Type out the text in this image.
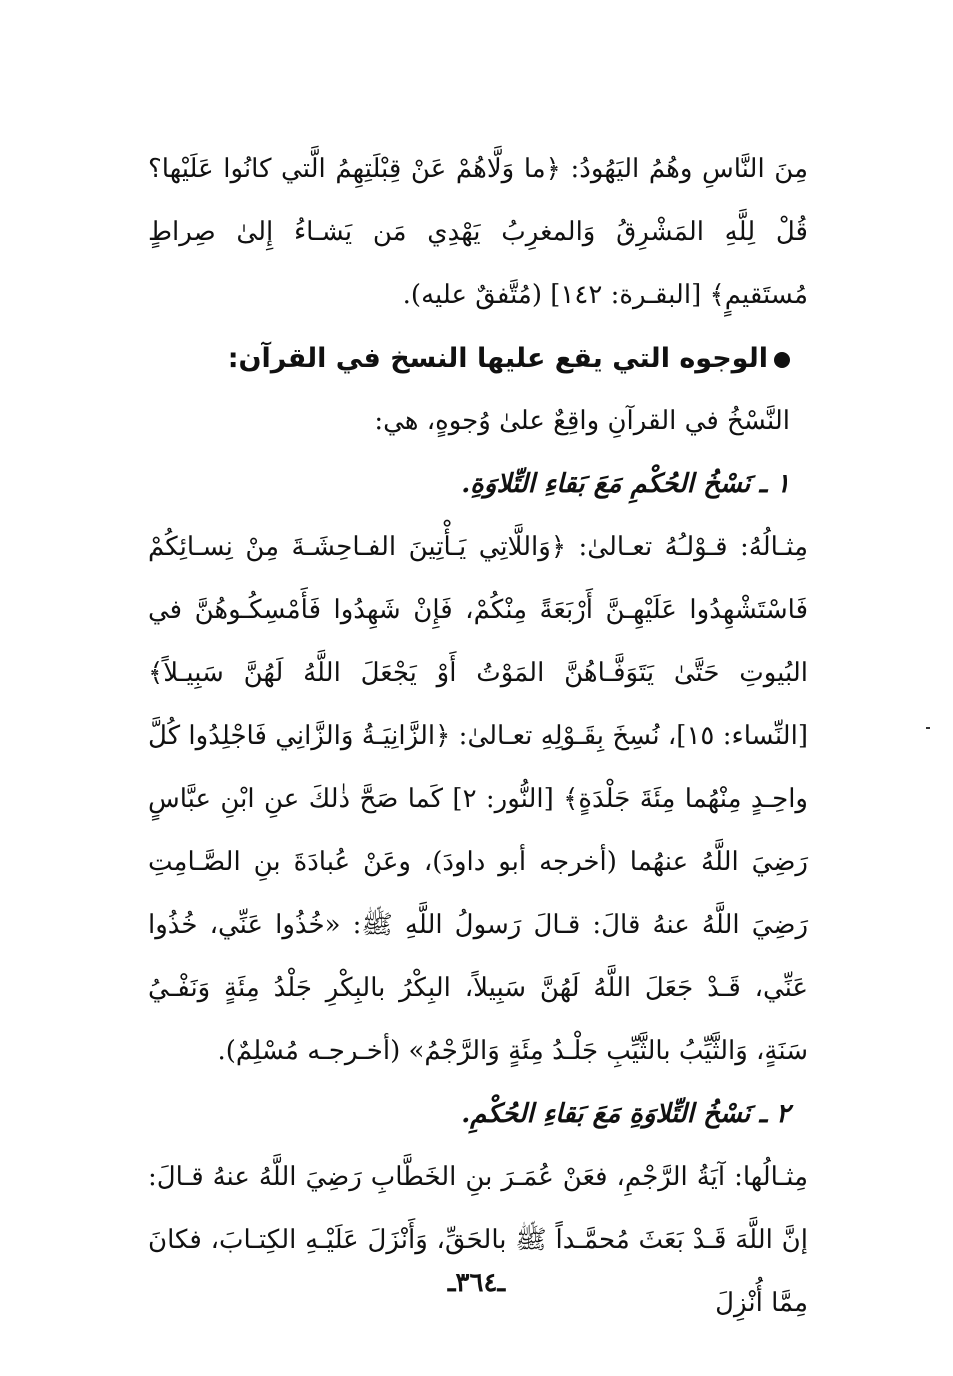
مِنَ النَّاسِ وهُمُ اليَهُودُ: ﴿ما وَلَّاهُمْ عَنْ قِبْلَتِهِمُ الَّتي كانُوا عَلَيْها؟ قُلْ لِلَّهِ المَشْرِقُ وَالمغرِبُ يَهْدِي مَن يَشـاءُ إِلىٰ صِراطٍ مُستَقيمٍ﴾ [البقـرة: ١٤٢] (مُتَّفقٌ عليه).

الوجوه التي يقع عليها النسخ في القرآن:

النَّسْخُ في القرآنِ واقِعٌ علىٰ وُجوهٍ، هي:

١ ـ نَسْخُ الحُكْمِ مَعَ بَقاءِ التِّلاوَةِ.

مِثـالُهُ: قـوْلـُهُ تعـالىٰ: ﴿وَاللَّاتِي يَـأْتِينَ الفـاحِشَـةَ مِنْ نِسـائِكُمْ فَاسْتَشْهِدُوا عَلَيْهِـنَّ أَرْبَعَةً مِنْكُمْ، فَإِنْ شَهِدُوا فَأَمْسِكُـوهُنَّ في البُيوتِ حَتَّىٰ يَتَوَفَّـاهُنَّ المَوْتُ أَوْ يَجْعَلَ اللَّهُ لَهُنَّ سَبِيـلاً﴾ [النِّساء: ١٥]، نُسِخَ بِقَـوْلِهِ تعـالىٰ: ﴿الزَّانِيَـةُ وَالزَّانِي فَاجْلِدُوا كُلَّ واحِـدٍ مِنْهُما مِئَةَ جَلْدَةٍ﴾ [النُّور: ٢] كَما صَحَّ ذٰلكَ عنِ ابْنِ عبَّاسٍ رَضِيَ اللَّهُ عنهُما (أخرجه أبو داودَ)، وعَنْ عُبادَةَ بنِ الصَّـامِتِ رَضِيَ اللَّهُ عنهُ قالَ: قـالَ رَسولُ اللَّهِ ﷺ: «خُذُوا عَنِّي، خُذُوا عَنِّي، قَـدْ جَعَلَ اللَّهُ لَهُنَّ سَبِيلاً، البِكْرُ بالبِكْرِ جَلْدُ مِئَةٍ وَنَفْـيُ سَنَةٍ، وَالثَّيِّبُ بالثَّيِّبِ جَلْـدُ مِئَةٍ وَالرَّجْمُ» (أخـرجـه مُسْلِمٌ).

٢ ـ نَسْخُ التِّلاوَةِ مَعَ بَقاءِ الحُكْمِ.

مِثـالُها: آيَةُ الرَّجْمِ، فعَنْ عُمَـرَ بنِ الخَطَّابِ رَضِيَ اللَّهُ عنهُ قـالَ: إنَّ اللَّهَ قَـدْ بَعَثَ مُحمَّـداً ﷺ بالحَقِّ، وَأَنْزَلَ عَلَيْـهِ الكِتـابَ، فكانَ مِمَّا أُنْزِلَ

ـ٣٦٤ـ
